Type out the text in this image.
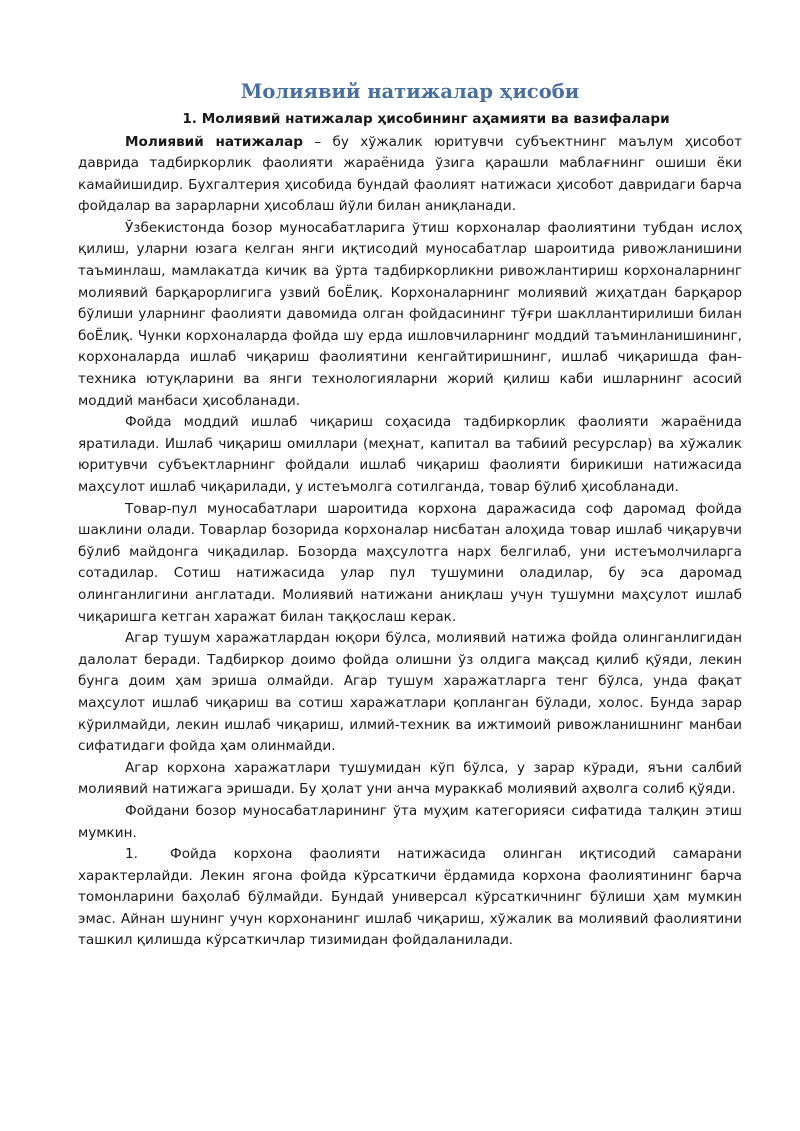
Молиявий натижалар ҳисоби
1. Молиявий натижалар ҳисобининг аҳамияти ва вазифалари

Молиявий натижалар – бу хўжалик юритувчи субъектнинг маълум ҳисобот даврида тадбиркорлик фаолияти жараёнида ўзига қарашли маблағнинг ошиши ёки камайишидир. Бухгалтерия ҳисобида бундай фаолият натижаси ҳисобот давридаги барча фойдалар ва зарарларни ҳисоблаш йўли билан аниқланади.

Ўзбекистонда бозор муносабатларига ўтиш корхоналар фаолиятини тубдан ислоҳ қилиш, уларни юзага келган янги иқтисодий муносабатлар шароитида ривожланишини таъминлаш, мамлакатда кичик ва ўрта тадбиркорликни ривожлантириш корхоналарнинг молиявий барқарорлигига узвий боЁлиқ. Корхоналарнинг молиявий жиҳатдан барқарор бўлиши уларнинг фаолияти давомида олган фойдасининг тўғри шакллантирилиши билан боЁлиқ. Чунки корхоналарда фойда шу ерда ишловчиларнинг моддий таъминланишининг, корхоналарда ишлаб чиқариш фаолиятини кенгайтиришнинг, ишлаб чиқаришда фан-техника ютуқларини ва янги технологияларни жорий қилиш каби ишларнинг асосий моддий манбаси ҳисобланади.

Фойда моддий ишлаб чиқариш соҳасида тадбиркорлик фаолияти жараёнида яратилади. Ишлаб чиқариш омиллари (меҳнат, капитал ва табиий ресурслар) ва хўжалик юритувчи субъектларнинг фойдали ишлаб чиқариш фаолияти бирикиши натижасида маҳсулот ишлаб чиқарилади, у истеъмолга сотилганда, товар бўлиб ҳисобланади.

Товар-пул муносабатлари шароитида корхона даражасида соф даромад фойда шаклини олади. Товарлар бозорида корхоналар нисбатан алоҳида товар ишлаб чиқарувчи бўлиб майдонга чиқадилар. Бозорда маҳсулотга нарх белгилаб, уни истеъмолчиларга сотадилар. Сотиш натижасида улар пул тушумини оладилар, бу эса даромад олинганлигини англатади. Молиявий натижани аниқлаш учун тушумни маҳсулот ишлаб чиқаришга кетган харажат билан таққослаш керак.

Агар тушум харажатлардан юқори бўлса, молиявий натижа фойда олинганлигидан далолат беради. Тадбиркор доимо фойда олишни ўз олдига мақсад қилиб қўяди, лекин бунга доим ҳам эриша олмайди. Агар тушум харажатларга тенг бўлса, унда фақат маҳсулот ишлаб чиқариш ва сотиш харажатлари қопланган бўлади, холос. Бунда зарар кўрилмайди, лекин ишлаб чиқариш, илмий-техник ва ижтимоий ривожланишнинг манбаи сифатидаги фойда ҳам олинмайди.

Агар корхона харажатлари тушумидан кўп бўлса, у зарар кўради, яъни салбий молиявий натижага эришади. Бу ҳолат уни анча мураккаб молиявий аҳволга солиб қўяди.

Фойдани бозор муносабатларининг ўта муҳим категорияси сифатида талқин этиш мумкин.

1. Фойда корхона фаолияти натижасида олинган иқтисодий самарани характерлайди. Лекин ягона фойда кўрсаткичи ёрдамида корхона фаолиятининг барча томонларини баҳолаб бўлмайди. Бундай универсал кўрсаткичнинг бўлиши ҳам мумкин эмас. Айнан шунинг учун корхонанинг ишлаб чиқариш, хўжалик ва молиявий фаолиятини ташкил қилишда кўрсаткичлар тизимидан фойдаланилади.
